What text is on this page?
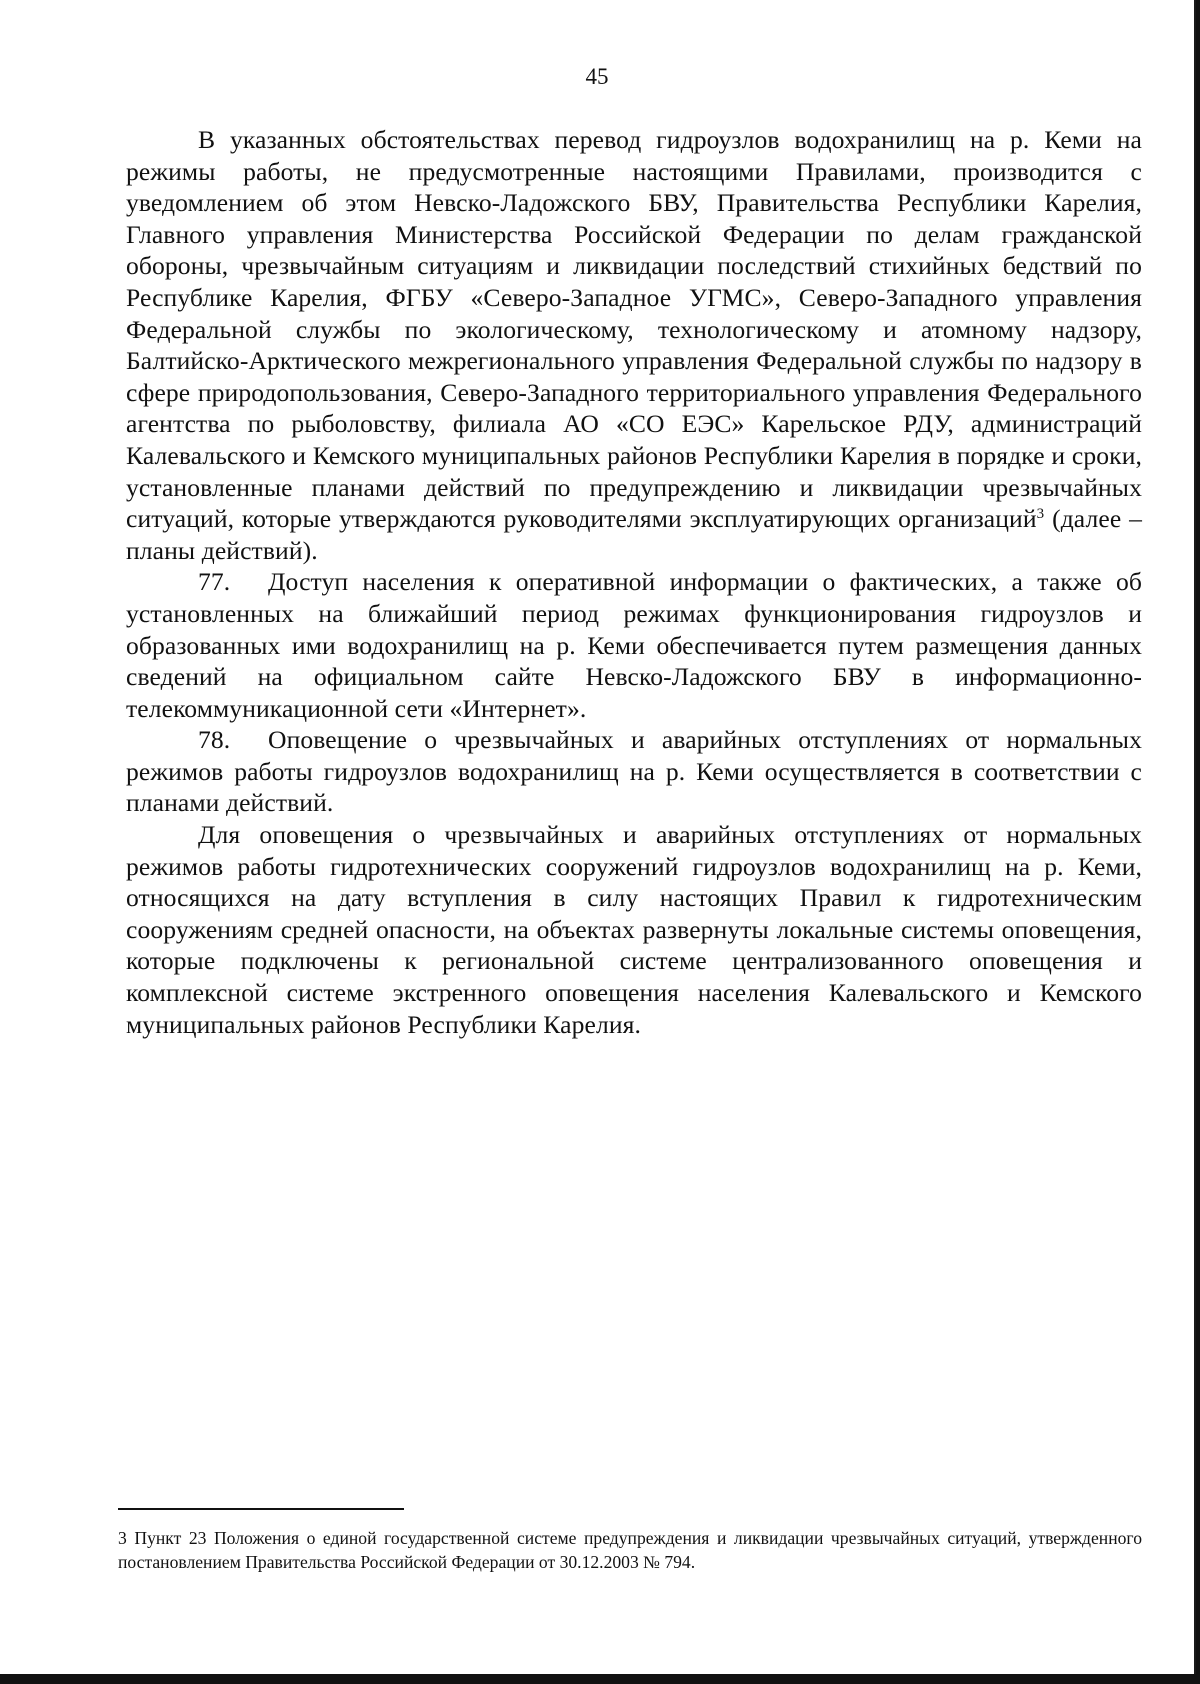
45

В указанных обстоятельствах перевод гидроузлов водохранилищ на р. Кеми на режимы работы, не предусмотренные настоящими Правилами, производится с уведомлением об этом Невско-Ладожского БВУ, Правительства Республики Карелия, Главного управления Министерства Российской Федерации по делам гражданской обороны, чрезвычайным ситуациям и ликвидации последствий стихийных бедствий по Республике Карелия, ФГБУ «Северо-Западное УГМС», Северо-Западного управления Федеральной службы по экологическому, технологическому и атомному надзору, Балтийско-Арктического межрегионального управления Федеральной службы по надзору в сфере природопользования, Северо-Западного территориального управления Федерального агентства по рыболовству, филиала АО «СО ЕЭС» Карельское РДУ, администраций Калевальского и Кемского муниципальных районов Республики Карелия в порядке и сроки, установленные планами действий по предупреждению и ликвидации чрезвычайных ситуаций, которые утверждаются руководителями эксплуатирующих организаций$^3$ (далее – планы действий).

77. Доступ населения к оперативной информации о фактических, а также об установленных на ближайший период режимах функционирования гидроузлов и образованных ими водохранилищ на р. Кеми обеспечивается путем размещения данных сведений на официальном сайте Невско-Ладожского БВУ в информационно-телекоммуникационной сети «Интернет».

78. Оповещение о чрезвычайных и аварийных отступлениях от нормальных режимов работы гидроузлов водохранилищ на р. Кеми осуществляется в соответствии с планами действий.

Для оповещения о чрезвычайных и аварийных отступлениях от нормальных режимов работы гидротехнических сооружений гидроузлов водохранилищ на р. Кеми, относящихся на дату вступления в силу настоящих Правил к гидротехническим сооружениям средней опасности, на объектах развернуты локальные системы оповещения, которые подключены к региональной системе централизованного оповещения и комплексной системе экстренного оповещения населения Калевальского и Кемского муниципальных районов Республики Карелия.

3 Пункт 23 Положения о единой государственной системе предупреждения и ликвидации чрезвычайных ситуаций, утвержденного постановлением Правительства Российской Федерации от 30.12.2003 № 794.
